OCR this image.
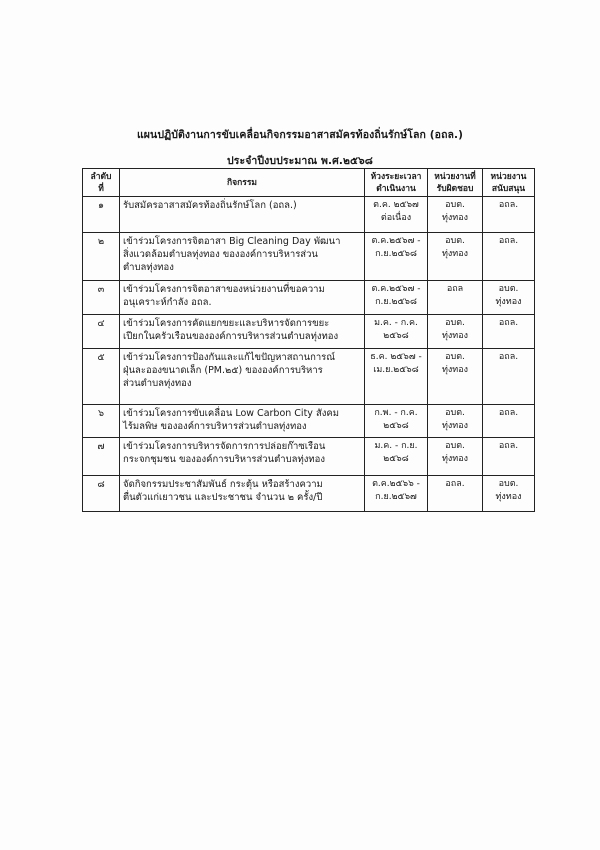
แผนปฏิบัติงานการขับเคลื่อนกิจกรรมอาสาสมัครท้องถิ่นรักษ์โลก (อถล.)
ประจำปีงบประมาณ พ.ศ.๒๕๖๘
ลำดับ
ที่	กิจกรรม	ห้วงระยะเวลา
ดำเนินงาน	หน่วยงานที่
รับผิดชอบ	หน่วยงาน
สนับสนุน

๑	รับสมัครอาสาสมัครท้องถิ่นรักษ์โลก (อถล.)	ต.ค. ๒๕๖๗
ต่อเนื่อง	อบต.
ทุ่งทอง	อถล.

๒	เข้าร่วมโครงการจิตอาสา Big Cleaning Day พัฒนา
สิ่งแวดล้อมตำบลทุ่งทอง ขององค์การบริหารส่วน
ตำบลทุ่งทอง	ต.ค.๒๕๖๗ -
ก.ย.๒๕๖๘	อบต.
ทุ่งทอง	อถล.

๓	เข้าร่วมโครงการจิตอาสาของหน่วยงานที่ขอความ
อนุเคราะห์กำลัง อถล.	ต.ค.๒๕๖๗ -
ก.ย.๒๕๖๘	อถล	อบต.
ทุ่งทอง

๔	เข้าร่วมโครงการคัดแยกขยะและบริหารจัดการขยะ
เปียกในครัวเรือนขององค์การบริหารส่วนตำบลทุ่งทอง	ม.ค. - ก.ค.
๒๕๖๘	อบต.
ทุ่งทอง	อถล.

๕	เข้าร่วมโครงการป้องกันและแก้ไขปัญหาสถานการณ์
ฝุ่นละอองขนาดเล็ก (PM.๒๕) ขององค์การบริหาร
ส่วนตำบลทุ่งทอง	ธ.ค. ๒๕๖๗ -
เม.ย.๒๕๖๘	อบต.
ทุ่งทอง	อถล.

๖	เข้าร่วมโครงการขับเคลื่อน Low Carbon City สังคม
ไร้มลพิษ ขององค์การบริหารส่วนตำบลทุ่งทอง	ก.พ. - ก.ค.
๒๕๖๘	อบต.
ทุ่งทอง	อถล.

๗	เข้าร่วมโครงการบริหารจัดการการปล่อยก๊าซเรือน
กระจกชุมชน ขององค์การบริหารส่วนตำบลทุ่งทอง	ม.ค. - ก.ย.
๒๕๖๘	อบต.
ทุ่งทอง	อถล.

๘	จัดกิจกรรมประชาสัมพันธ์ กระตุ้น หรือสร้างความ
ตื่นตัวแก่เยาวชน และประชาชน จำนวน ๒ ครั้ง/ปี	ต.ค.๒๕๖๖ -
ก.ย.๒๕๖๗	อถล.	อบต.
ทุ่งทอง
